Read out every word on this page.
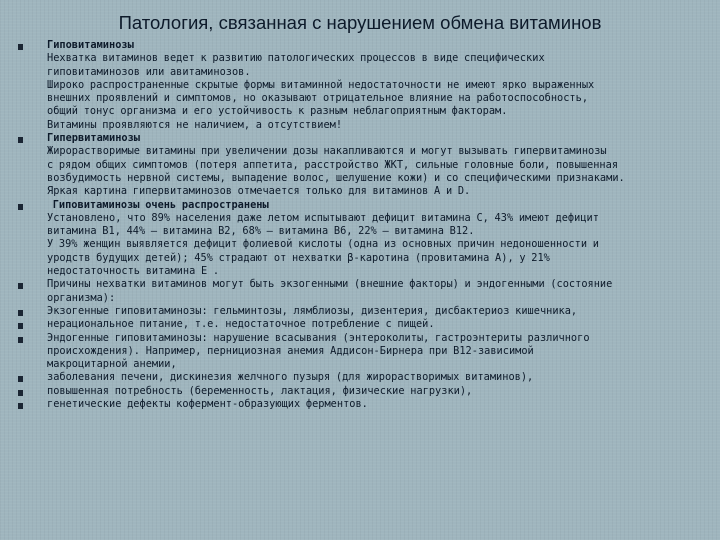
Патология, связанная с нарушением обмена витаминов
Гиповитаминозы
Нехватка витаминов ведет к развитию патологических процессов в виде специфических
гиповитаминозов или авитаминозов.
Широко распространенные скрытые формы витаминной недостаточности не имеют ярко выраженных
внешних проявлений и симптомов, но оказывают отрицательное влияние на работоспособность,
общий тонус организма и его устойчивость к разным неблагоприятным факторам.
Витамины проявляются не наличием, а отсутствием!
Гипервитаминозы
Жирорастворимые витамины при увеличении дозы накапливаются и могут вызывать гипервитаминозы
с рядом общих симптомов (потеря аппетита, расстройство ЖКТ, сильные головные боли, повышенная
возбудимость нервной системы, выпадение волос, шелушение кожи) и со специфическими признаками.
Яркая картина гипервитаминозов отмечается только для витаминов А и D.
Гиповитаминозы очень распространены
Установлено, что 89% населения даже летом испытывают дефицит витамина С, 43% имеют дефицит
витамина B1, 44% – витамина B2, 68% – витамина B6, 22% – витамина B12.
У 39% женщин выявляется дефицит фолиевой кислоты (одна из основных причин недоношенности и
уродств будущих детей); 45% страдают от нехватки β-каротина (провитамина А), у 21%
недостаточность витамина Е .
Причины нехватки витаминов могут быть экзогенными (внешние факторы) и эндогенными (состояние
организма):
Экзогенные гиповитаминозы: гельминтозы, лямблиозы, дизентерия, дисбактериоз кишечника,
нерациональное питание, т.е. недостаточное потребление с пищей.
Эндогенные гиповитаминозы: нарушение всасывания (энтероколиты, гастроэнтериты различного
происхождения). Например, пернициозная анемия Аддисон-Бирнера при B12-зависимой
макроцитарной анемии,
заболевания печени, дискинезия желчного пузыря (для жирорастворимых витаминов),
повышенная потребность (беременность, лактация, физические нагрузки),
генетические дефекты кофермент-образующих ферментов.
